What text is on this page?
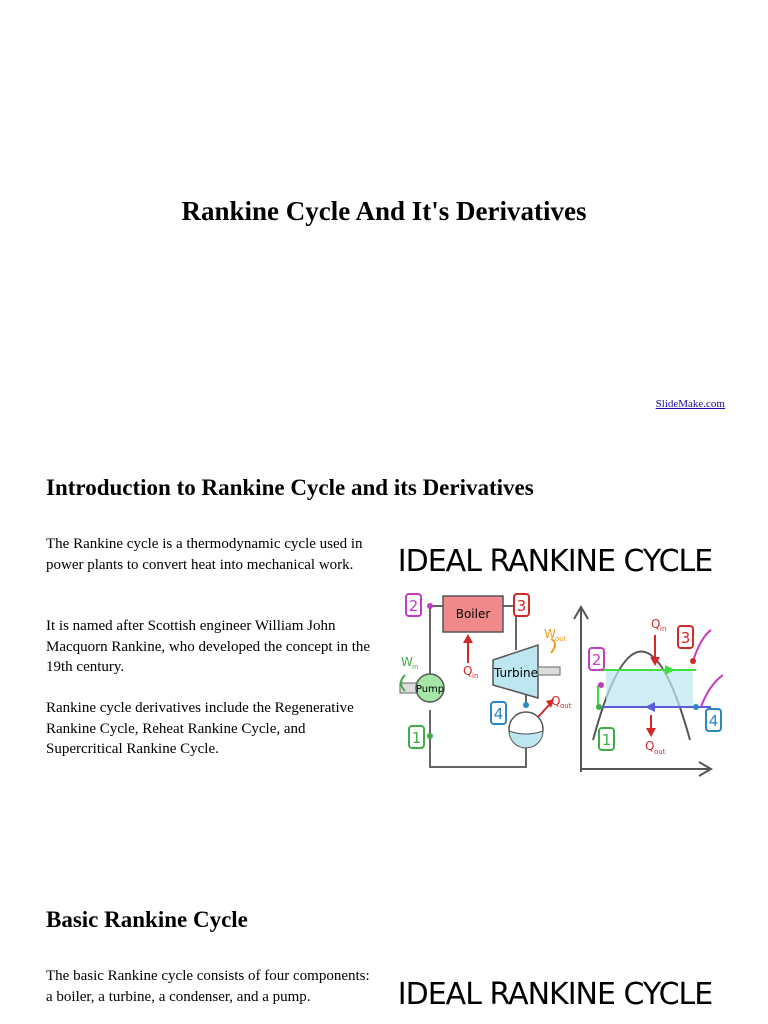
Rankine Cycle And It's Derivatives
SlideMake.com
Introduction to Rankine Cycle and its Derivatives

The Rankine cycle is a thermodynamic cycle used in power plants to convert heat into mechanical work.

It is named after Scottish engineer William John Macquorn Rankine, who developed the concept in the 19th century.

Rankine cycle derivatives include the Regenerative Rankine Cycle, Reheat Rankine Cycle, and Supercritical Rankine Cycle.

IDEAL RANKINE CYCLE
Boiler
Q in Turbine
W out
Q out
Pump
W in
2	3
4
1
Q in
Q out
2
3
4
1
Basic Rankine Cycle

The basic Rankine cycle consists of four components: a boiler, a turbine, a condenser, and a pump.	IDEAL RANKINE CYCLE
